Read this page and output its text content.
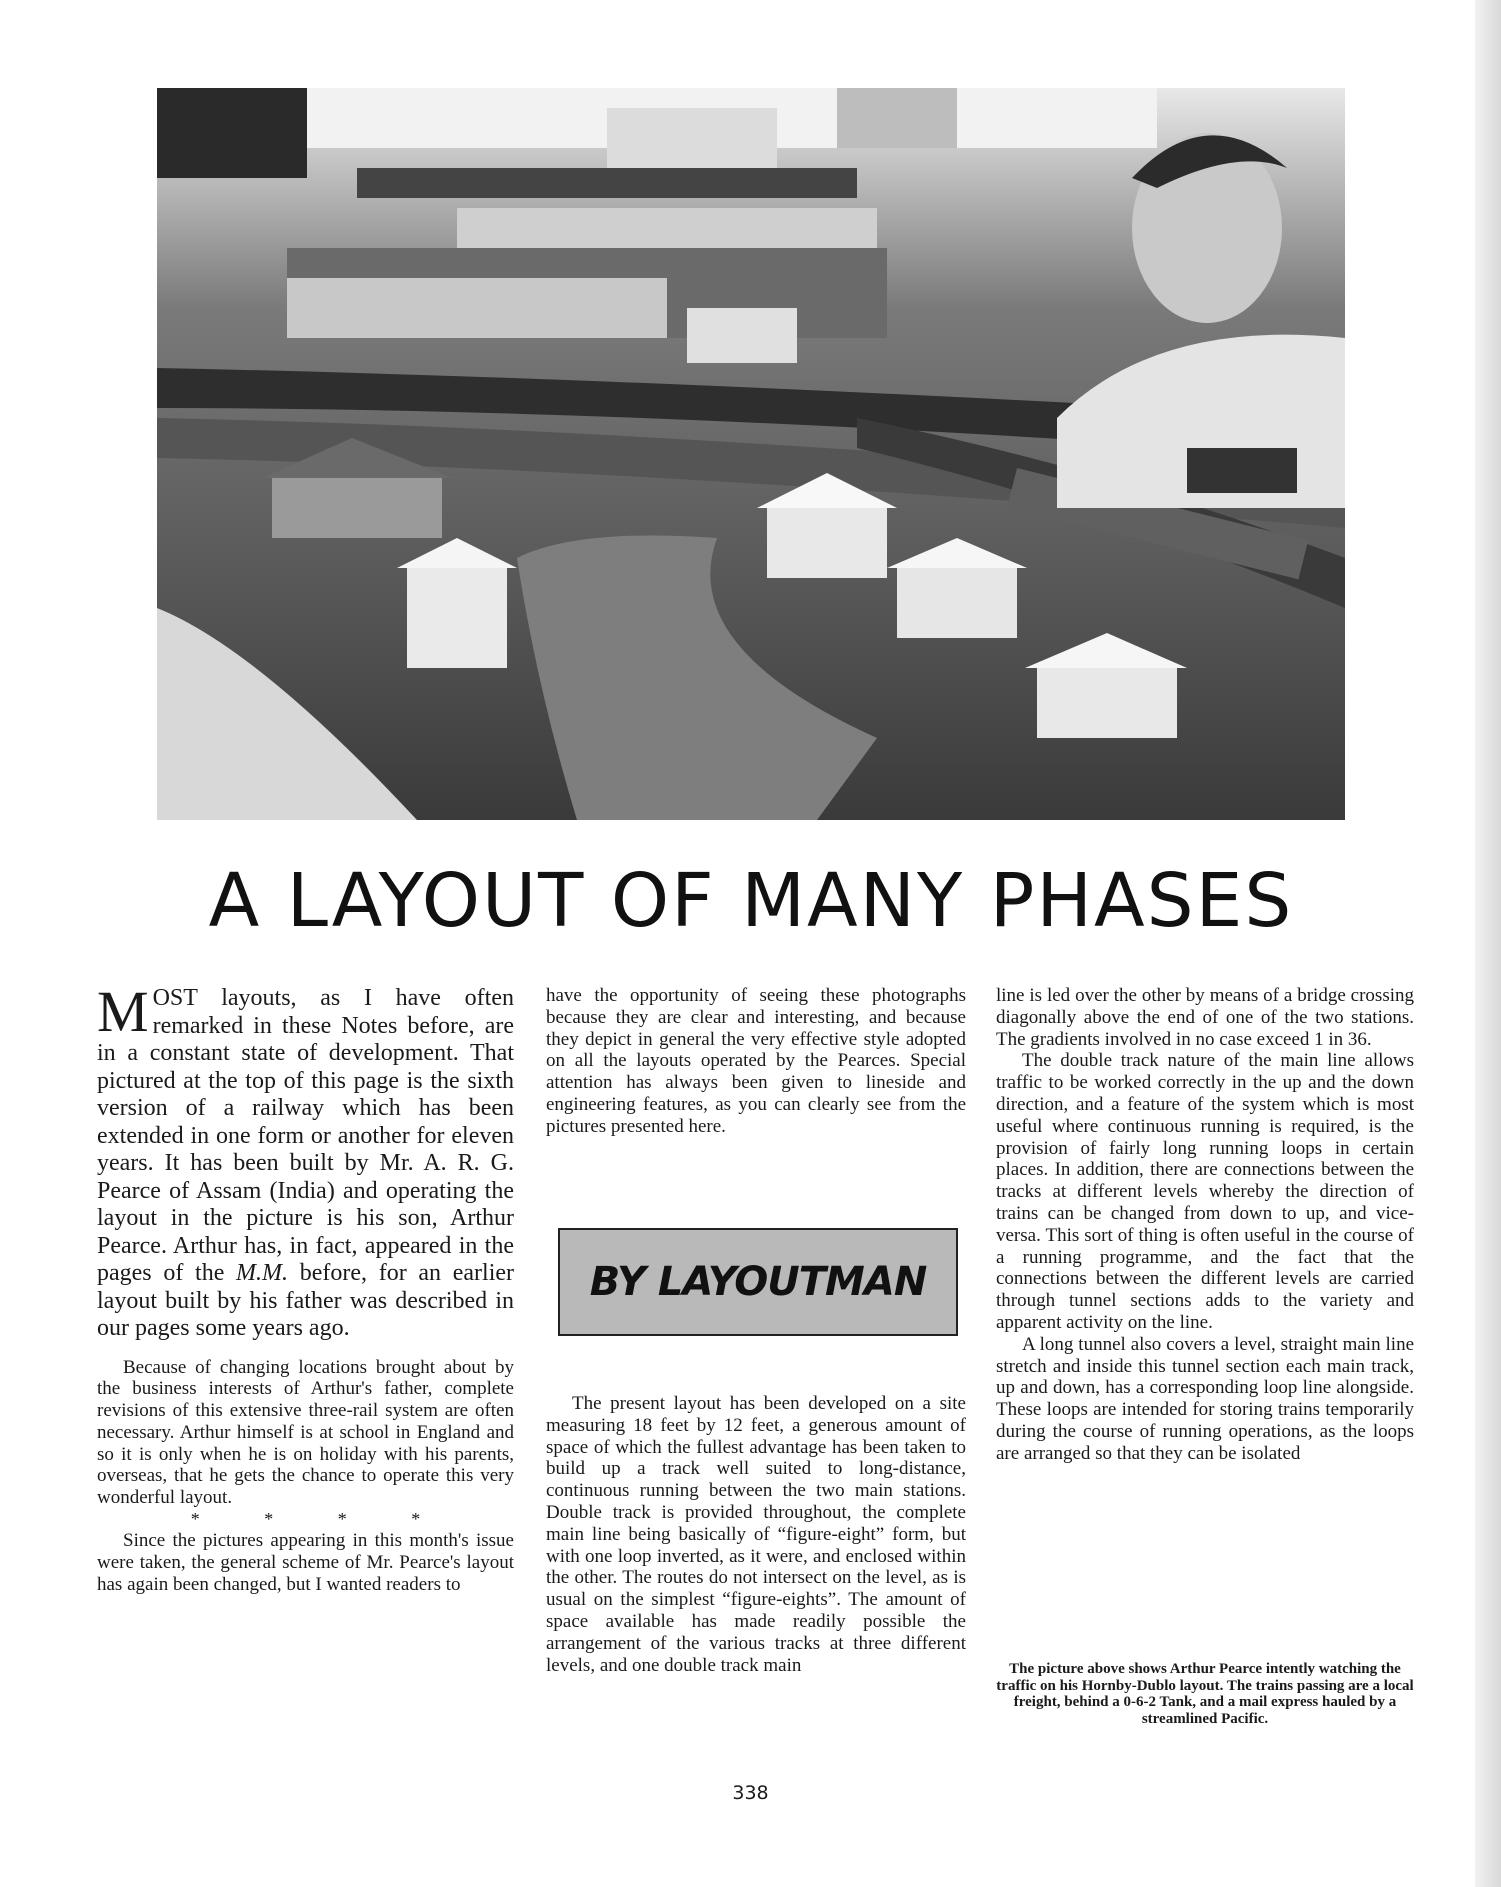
A LAYOUT OF MANY PHASES

MOST layouts, as I have often remarked in these Notes before, are in a constant state of development. That pictured at the top of this page is the sixth version of a railway which has been extended in one form or another for eleven years. It has been built by Mr. A. R. G. Pearce of Assam (India) and operating the layout in the picture is his son, Arthur Pearce. Arthur has, in fact, appeared in the pages of the M.M. before, for an earlier layout built by his father was described in our pages some years ago.

Because of changing locations brought about by the business interests of Arthur's father, complete revisions of this extensive three-rail system are often necessary. Arthur himself is at school in England and so it is only when he is on holiday with his parents, overseas, that he gets the chance to operate this very wonderful layout.

* * * *

Since the pictures appearing in this month's issue were taken, the general scheme of Mr. Pearce's layout has again been changed, but I wanted readers to

have the opportunity of seeing these photographs because they are clear and interesting, and because they depict in general the very effective style adopted on all the layouts operated by the Pearces. Special attention has always been given to lineside and engineering features, as you can clearly see from the pictures presented here.

BY LAYOUTMAN

The present layout has been developed on a site measuring 18 feet by 12 feet, a generous amount of space of which the fullest advantage has been taken to build up a track well suited to long-distance, continuous running between the two main stations. Double track is provided throughout, the complete main line being basically of “figure-eight” form, but with one loop inverted, as it were, and enclosed within the other. The routes do not intersect on the level, as is usual on the simplest “figure-eights”. The amount of space available has made readily possible the arrangement of the various tracks at three different levels, and one double track main

line is led over the other by means of a bridge crossing diagonally above the end of one of the two stations. The gradients involved in no case exceed 1 in 36.

The double track nature of the main line allows traffic to be worked correctly in the up and the down direction, and a feature of the system which is most useful where continuous running is required, is the provision of fairly long running loops in certain places. In addition, there are connections between the tracks at different levels whereby the direction of trains can be changed from down to up, and vice-versa. This sort of thing is often useful in the course of a running programme, and the fact that the connections between the different levels are carried through tunnel sections adds to the variety and apparent activity on the line.

A long tunnel also covers a level, straight main line stretch and inside this tunnel section each main track, up and down, has a corresponding loop line alongside. These loops are intended for storing trains temporarily during the course of running operations, as the loops are arranged so that they can be isolated

The picture above shows Arthur Pearce intently watching the traffic on his Hornby-Dublo layout. The trains passing are a local freight, behind a 0-6-2 Tank, and a mail express hauled by a streamlined Pacific.
338
